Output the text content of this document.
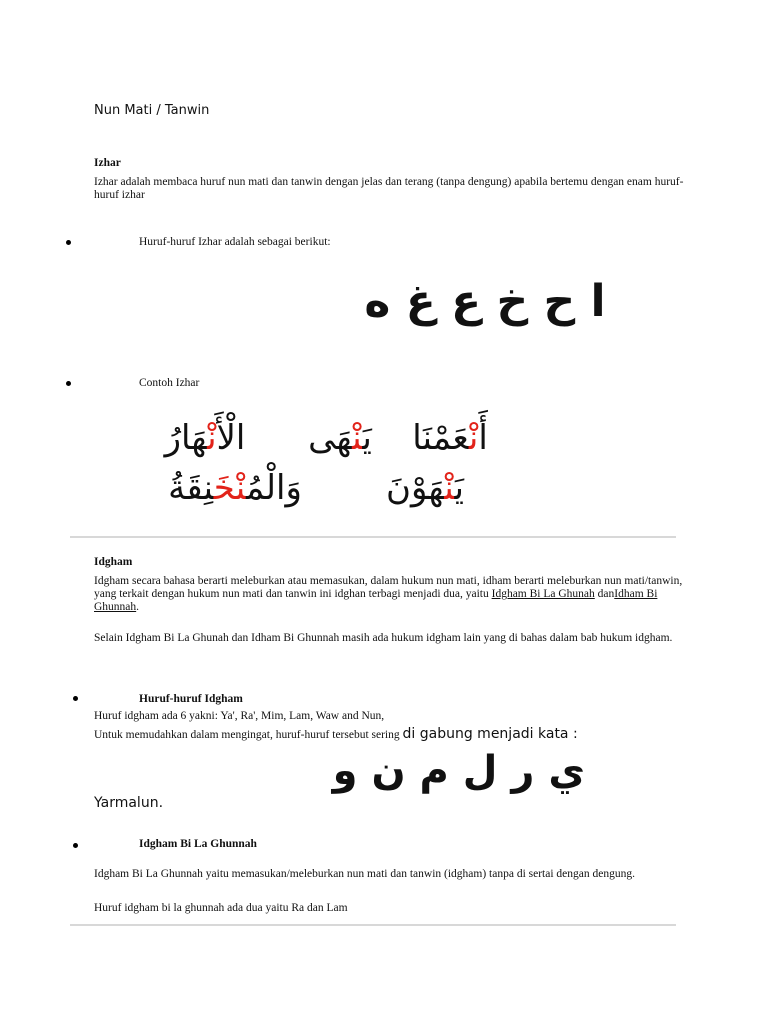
Nun Mati / Tanwin
Izhar
Izhar adalah membaca huruf nun mati dan tanwin dengan jelas dan terang (tanpa dengung) apabila bertemu dengan enam huruf-huruf izhar
Huruf-huruf Izhar adalah sebagai berikut:
ا ح خ ع غ ه
Contoh Izhar
أَنْعَمْنَا
يَنْهَى
الْأَنْهَارُ
يَنْهَوْنَ
وَالْمُنْخَنِقَةُ
Idgham
Idgham secara bahasa berarti meleburkan atau memasukan, dalam hukum nun mati, idham berarti meleburkan nun mati/tanwin, yang terkait dengan hukum nun mati dan tanwin ini idghan terbagi menjadi dua, yaitu Idgham Bi La Ghunah danIdham Bi Ghunnah.
Selain Idgham Bi La Ghunah dan Idham Bi Ghunnah masih ada hukum idgham lain yang di bahas dalam bab hukum idgham.
Huruf-huruf Idgham
Huruf idgham ada 6 yakni: Ya', Ra', Mim, Lam, Waw and Nun,
Untuk memudahkan dalam mengingat, huruf-huruf tersebut sering di gabung menjadi kata :
ي ر ل م ن و
Yarmalun.
Idgham Bi La Ghunnah
Idgham Bi La Ghunnah yaitu memasukan/meleburkan nun mati dan tanwin (idgham) tanpa di sertai dengan dengung.
Huruf idgham bi la ghunnah ada dua yaitu Ra dan Lam
